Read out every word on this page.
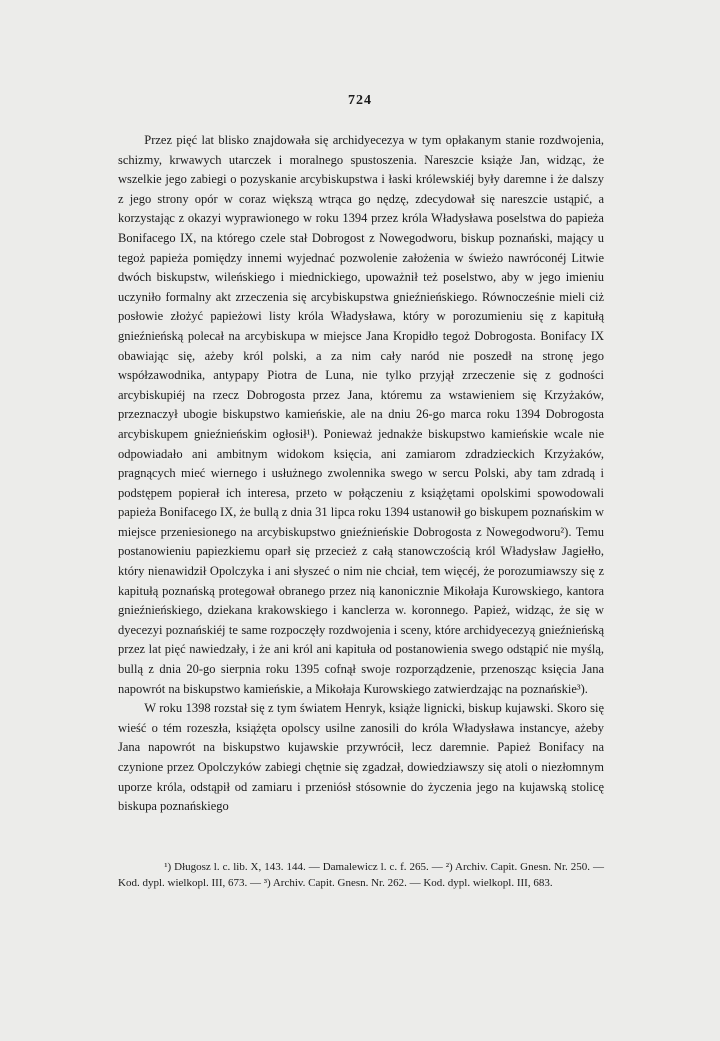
724

Przez pięć lat blisko znajdowała się archidyecezya w tym opłakanym stanie rozdwojenia, schizmy, krwawych utarczek i moralnego spustoszenia. Nareszcie książe Jan, widząc, że wszelkie jego zabiegi o pozyskanie arcybiskupstwa i łaski królewskiéj były daremne i że dalszy z jego strony opór w coraz większą wtrąca go nędzę, zdecydował się nareszcie ustąpić, a korzystając z okazyi wyprawionego w roku 1394 przez króla Władysława poselstwa do papieża Bonifacego IX, na którego czele stał Dobrogost z Nowegodworu, biskup poznański, mający u tegoż papieża pomiędzy innemi wyjednać pozwolenie założenia w świeżo nawróconéj Litwie dwóch biskupstw, wileńskiego i miednickiego, upoważnił też poselstwo, aby w jego imieniu uczyniło formalny akt zrzeczenia się arcybiskupstwa gnieźnieńskiego. Równocześnie mieli ciż posłowie złożyć papieżowi listy króla Władysława, który w porozumieniu się z kapitułą gnieźnieńską polecał na arcybiskupa w miejsce Jana Kropidło tegoż Dobrogosta. Bonifacy IX obawiając się, ażeby król polski, a za nim cały naród nie poszedł na stronę jego współzawodnika, antypapy Piotra de Luna, nie tylko przyjął zrzeczenie się z godności arcybiskupiéj na rzecz Dobrogosta przez Jana, któremu za wstawieniem się Krzyżaków, przeznaczył ubogie biskupstwo kamieńskie, ale na dniu 26-go marca roku 1394 Dobrogosta arcybiskupem gnieźnieńskim ogłosił¹). Ponieważ jednakże biskupstwo kamieńskie wcale nie odpowiadało ani ambitnym widokom księcia, ani zamiarom zdradzieckich Krzyżaków, pragnących mieć wiernego i usłużnego zwolennika swego w sercu Polski, aby tam zdradą i podstępem popierał ich interesa, przeto w połączeniu z książętami opolskimi spowodowali papieża Bonifacego IX, że bullą z dnia 31 lipca roku 1394 ustanowił go biskupem poznańskim w miejsce przeniesionego na arcybiskupstwo gnieźnieńskie Dobrogosta z Nowegodworu²). Temu postanowieniu papiezkiemu oparł się przecież z całą stanowczością król Władysław Jagiełło, który nienawidził Opolczyka i ani słyszeć o nim nie chciał, tem więcéj, że porozumiawszy się z kapitułą poznańską protegował obranego przez nią kanonicznie Mikołaja Kurowskiego, kantora gnieźnieńskiego, dziekana krakowskiego i kanclerza w. koronnego. Papież, widząc, że się w dyecezyi poznańskiéj te same rozpoczęły rozdwojenia i sceny, które archidyecezyą gnieźnieńską przez lat pięć nawiedzały, i że ani król ani kapituła od postanowienia swego odstąpić nie myślą, bullą z dnia 20-go sierpnia roku 1395 cofnął swoje rozporządzenie, przenosząc księcia Jana napowrót na biskupstwo kamieńskie, a Mikołaja Kurowskiego zatwierdzając na poznańskie³).

W roku 1398 rozstał się z tym światem Henryk, książe lignicki, biskup kujawski. Skoro się wieść o tém rozeszła, książęta opolscy usilne zanosili do króla Władysława instancye, ażeby Jana napowrót na biskupstwo kujawskie przywrócił, lecz daremnie. Papież Bonifacy na czynione przez Opolczyków zabiegi chętnie się zgadzał, dowiedziawszy się atoli o niezłomnym uporze króla, odstąpił od zamiaru i przeniósł stósownie do życzenia jego na kujawską stolicę biskupa poznańskiego

¹) Długosz l. c. lib. X, 143. 144. — Damalewicz l. c. f. 265. — ²) Archiv. Capit. Gnesn. Nr. 250. — Kod. dypl. wielkopl. III, 673. — ³) Archiv. Capit. Gnesn. Nr. 262. — Kod. dypl. wielkopl. III, 683.
